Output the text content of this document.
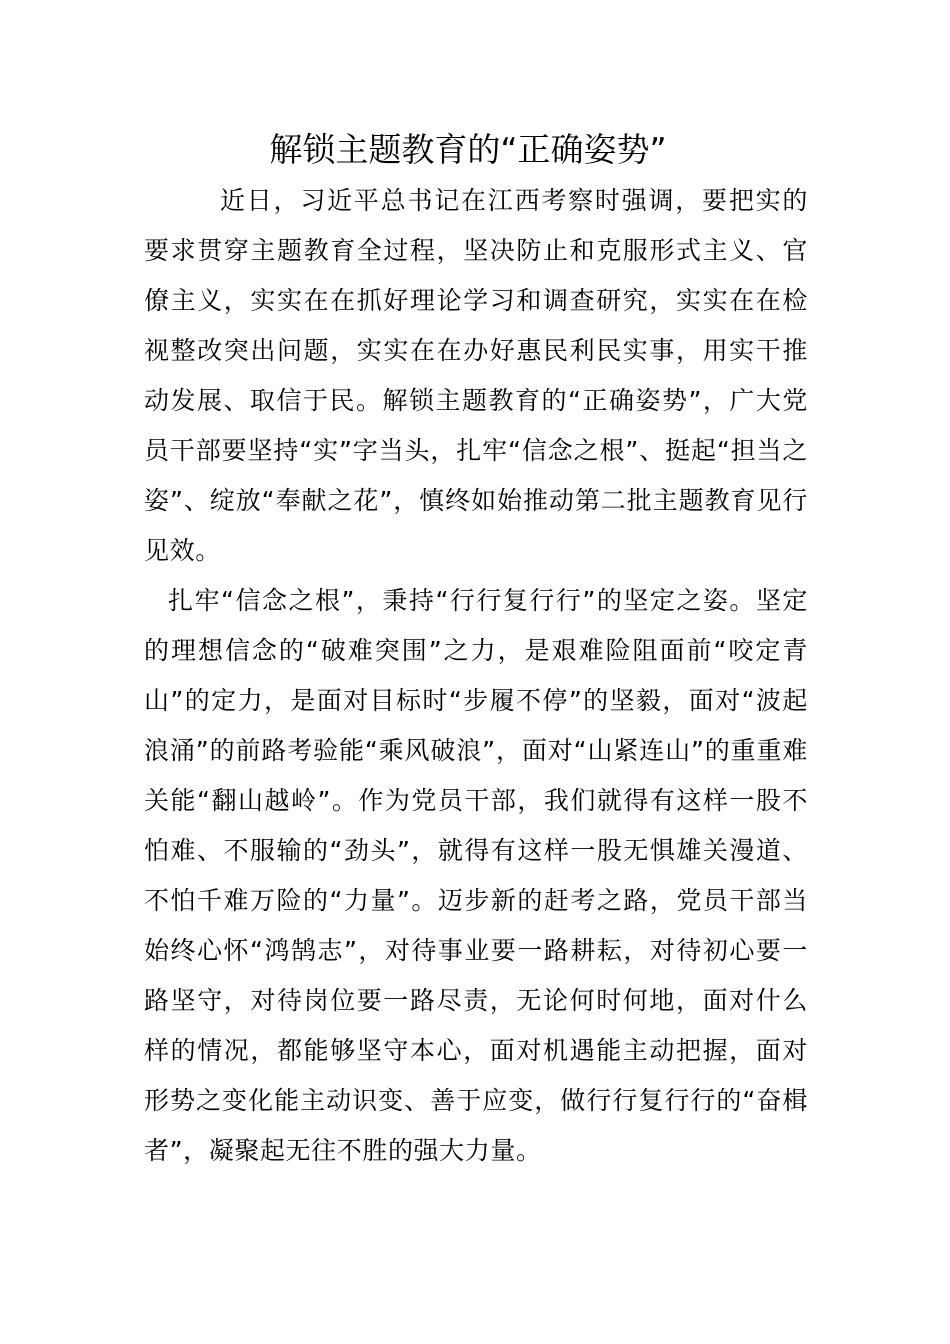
解锁主题教育的“正确姿势”

近日，习近平总书记在江西考察时强调，要把实的要求贯穿主题教育全过程，坚决防止和克服形式主义、官僚主义，实实在在抓好理论学习和调查研究，实实在在检视整改突出问题，实实在在办好惠民利民实事，用实干推动发展、取信于民。解锁主题教育的“正确姿势”，广大党员干部要坚持“实”字当头，扎牢“信念之根”、挺起“担当之姿”、绽放“奉献之花”，慎终如始推动第二批主题教育见行见效。

扎牢“信念之根”，秉持“行行复行行”的坚定之姿。坚定的理想信念的“破难突围”之力，是艰难险阻面前“咬定青山”的定力，是面对目标时“步履不停”的坚毅，面对“波起浪涌”的前路考验能“乘风破浪”，面对“山紧连山”的重重难关能“翻山越岭”。作为党员干部，我们就得有这样一股不怕难、不服输的“劲头”，就得有这样一股无惧雄关漫道、不怕千难万险的“力量”。迈步新的赶考之路，党员干部当始终心怀“鸿鹄志”，对待事业要一路耕耘，对待初心要一路坚守，对待岗位要一路尽责，无论何时何地，面对什么样的情况，都能够坚守本心，面对机遇能主动把握，面对形势之变化能主动识变、善于应变，做行行复行行的“奋楫者”，凝聚起无往不胜的强大力量。
